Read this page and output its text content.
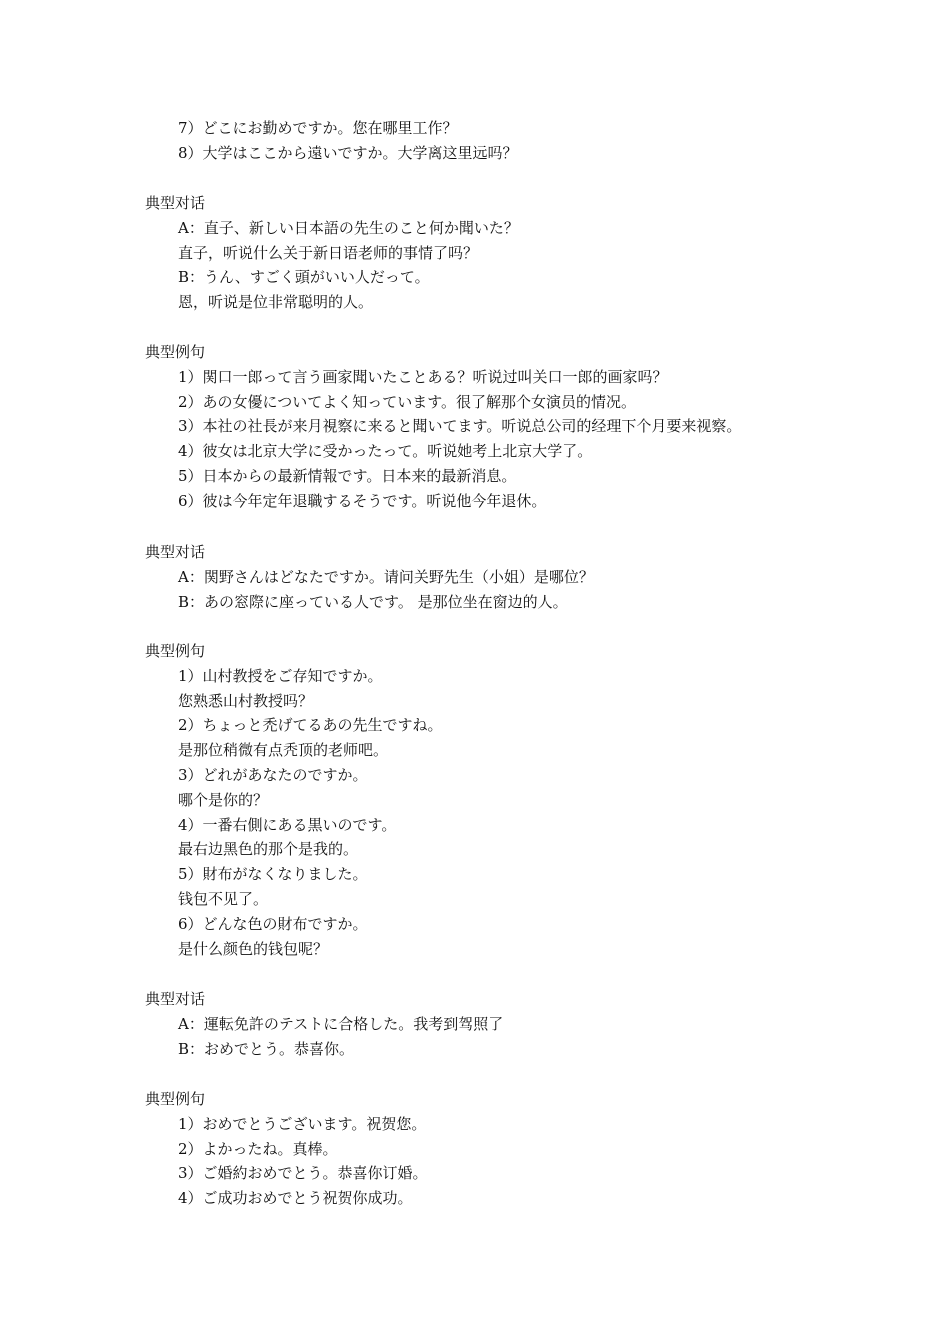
7）どこにお勤めですか。您在哪里工作？
8）大学はここから遠いですか。大学离这里远吗？
典型对话
A：直子、新しい日本語の先生のこと何か聞いた？
直子，听说什么关于新日语老师的事情了吗？
B：うん、すごく頭がいい人だって。
恩，听说是位非常聪明的人。
典型例句
1）関口一郎って言う画家聞いたことある？听说过叫关口一郎的画家吗？
2）あの女優についてよく知っています。很了解那个女演员的情况。
3）本社の社長が来月視察に来ると聞いてます。听说总公司的经理下个月要来视察。
4）彼女は北京大学に受かったって。听说她考上北京大学了。
5）日本からの最新情報です。日本来的最新消息。
6）彼は今年定年退職するそうです。听说他今年退休。
典型对话
A：関野さんはどなたですか。请问关野先生（小姐）是哪位？
B：あの窓際に座っている人です。 是那位坐在窗边的人。
典型例句
1）山村教授をご存知ですか。
您熟悉山村教授吗？
2）ちょっと禿げてるあの先生ですね。
是那位稍微有点秃顶的老师吧。
3）どれがあなたのですか。
哪个是你的？
4）一番右側にある黒いのです。
最右边黑色的那个是我的。
5）財布がなくなりました。
钱包不见了。
6）どんな色の財布ですか。
是什么颜色的钱包呢？
典型对话
A：運転免許のテストに合格した。我考到驾照了
B：おめでとう。恭喜你。
典型例句
1）おめでとうございます。祝贺您。
2）よかったね。真棒。
3）ご婚約おめでとう。恭喜你订婚。
4）ご成功おめでとう祝贺你成功。
